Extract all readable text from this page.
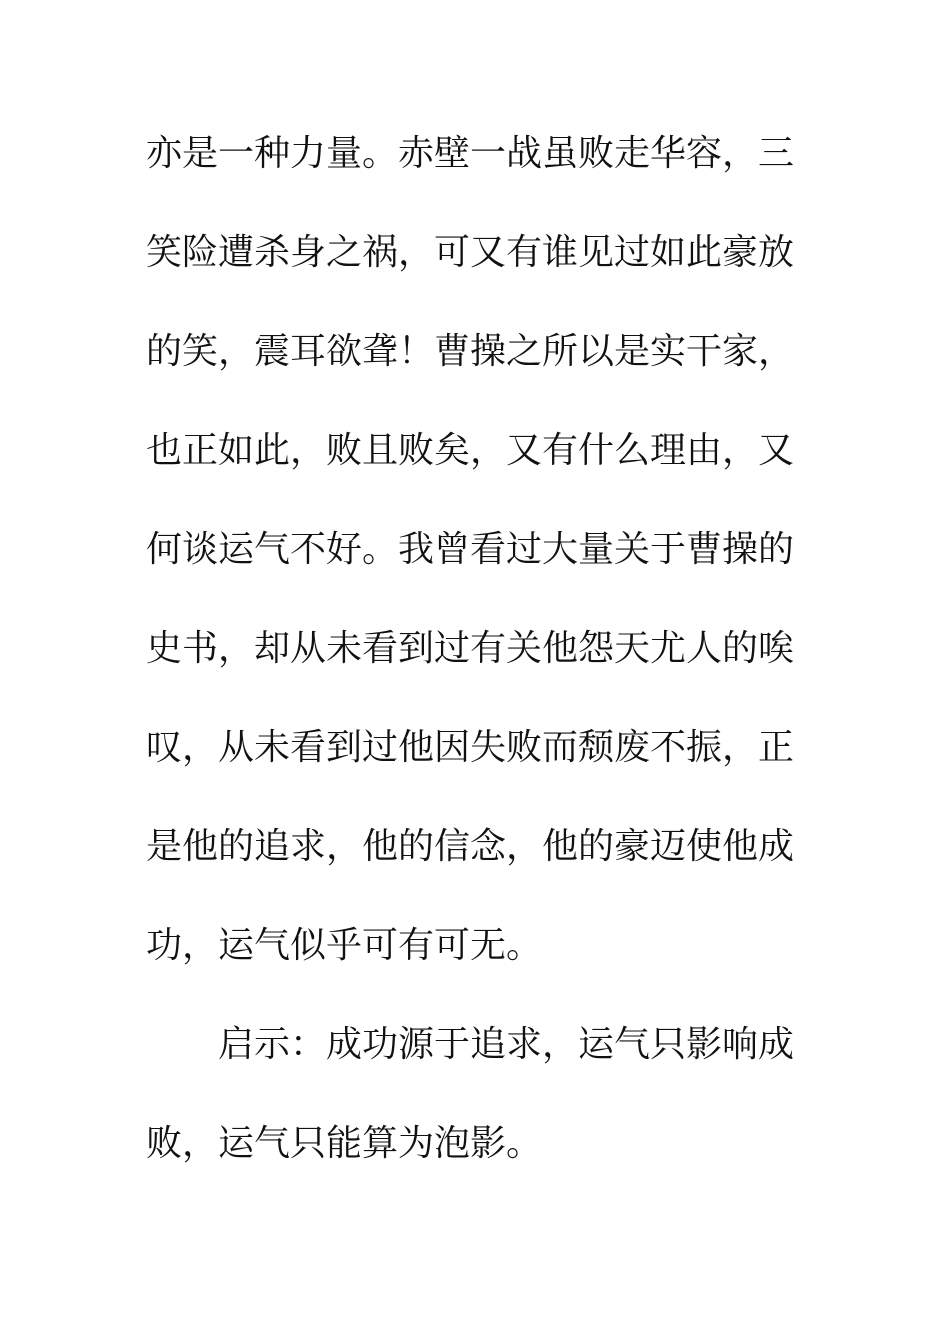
亦是一种力量。赤壁一战虽败走华容，三
笑险遭杀身之祸，可又有谁见过如此豪放
的笑，震耳欲聋！曹操之所以是实干家，
也正如此，败且败矣，又有什么理由，又
何谈运气不好。我曾看过大量关于曹操的
史书，却从未看到过有关他怨天尤人的唉
叹，从未看到过他因失败而颓废不振，正
是他的追求，他的信念，他的豪迈使他成
功，运气似乎可有可无。
启示：成功源于追求，运气只影响成
败，运气只能算为泡影。
